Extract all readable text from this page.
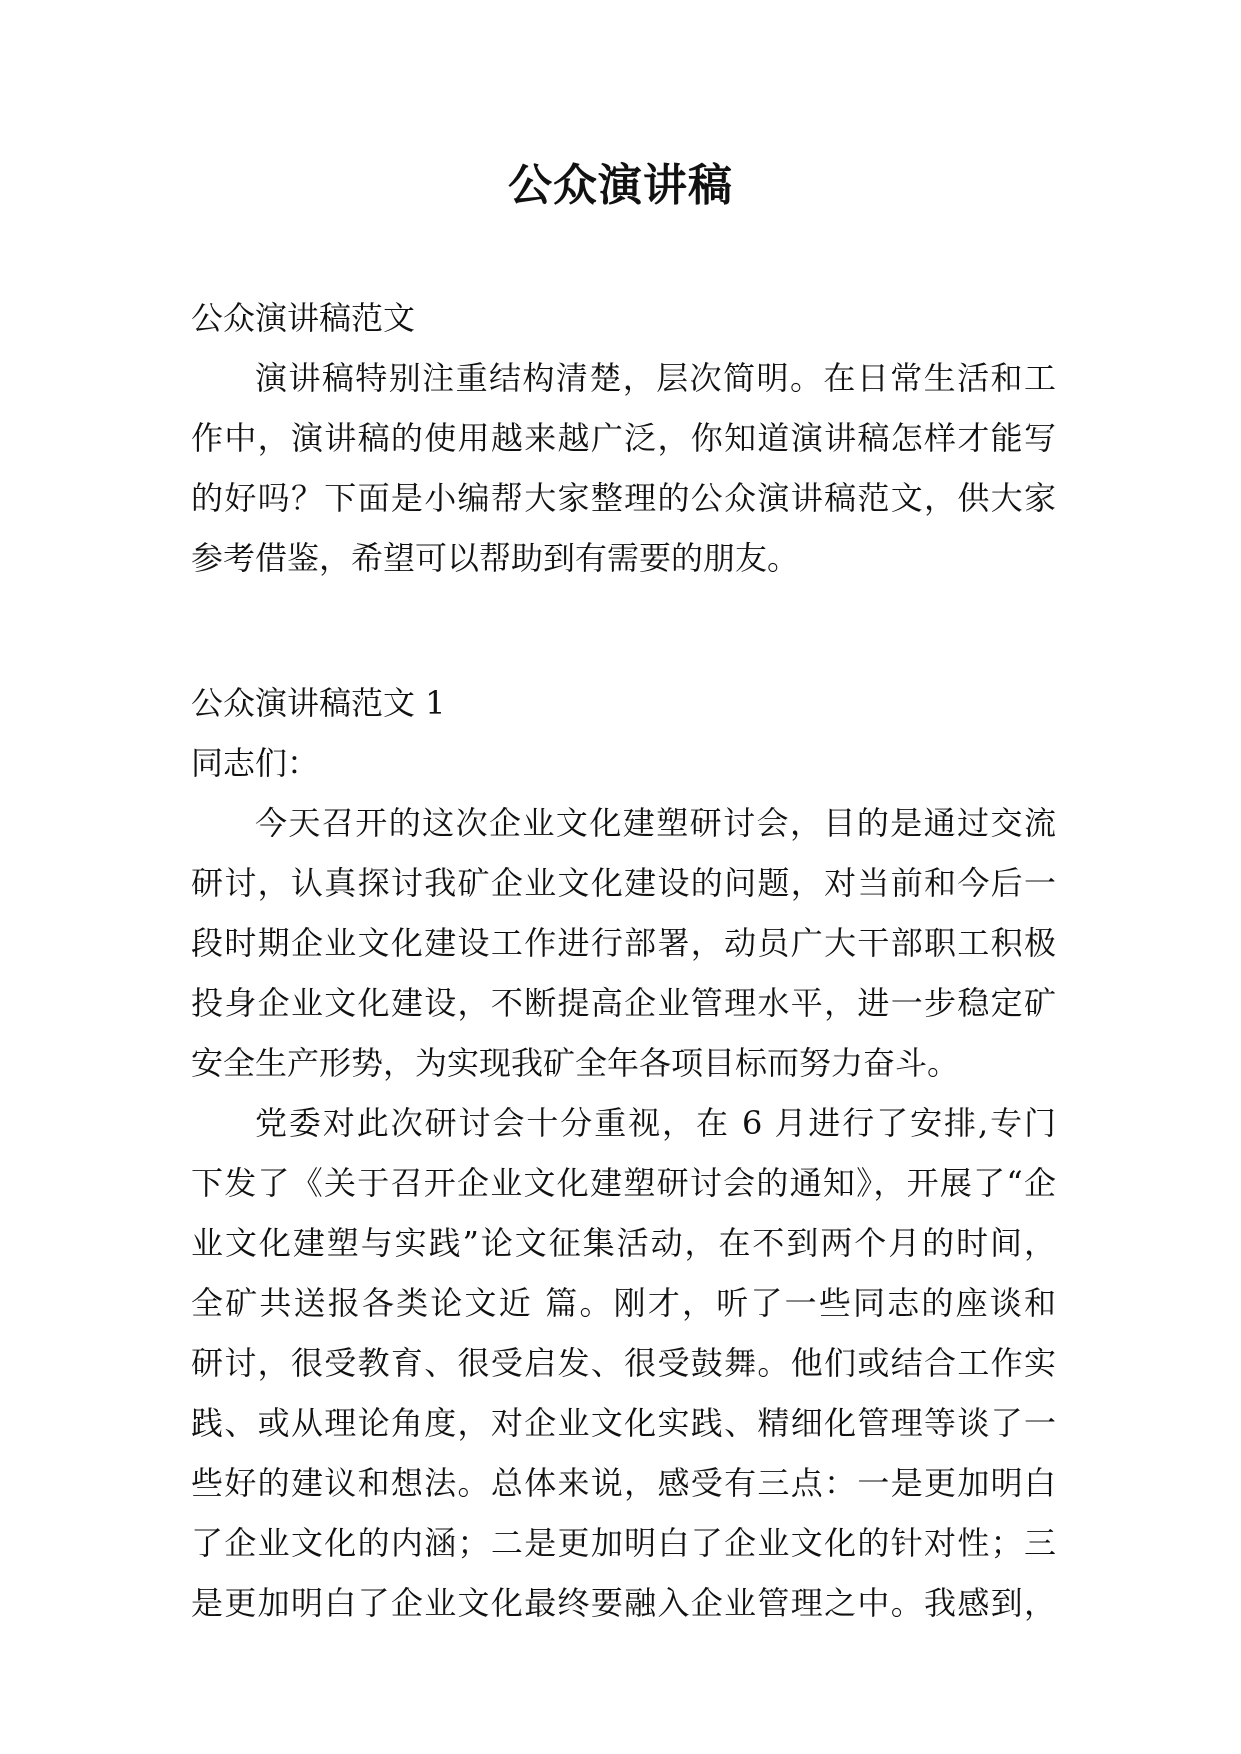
公众演讲稿
公众演讲稿范文
演讲稿特别注重结构清楚，层次简明。在日常生活和工
作中，演讲稿的使用越来越广泛，你知道演讲稿怎样才能写
的好吗？下面是小编帮大家整理的公众演讲稿范文，供大家
参考借鉴，希望可以帮助到有需要的朋友。
公众演讲稿范文 1
同志们：
今天召开的这次企业文化建塑研讨会，目的是通过交流
研讨，认真探讨我矿企业文化建设的问题，对当前和今后一
段时期企业文化建设工作进行部署，动员广大干部职工积极
投身企业文化建设，不断提高企业管理水平，进一步稳定矿
安全生产形势，为实现我矿全年各项目标而努力奋斗。
党委对此次研讨会十分重视，在 6 月进行了安排,专门
下发了《关于召开企业文化建塑研讨会的通知》，开展了“企
业文化建塑与实践”论文征集活动，在不到两个月的时间，
全矿共送报各类论文近 篇。刚才，听了一些同志的座谈和
研讨，很受教育、很受启发、很受鼓舞。他们或结合工作实
践、或从理论角度，对企业文化实践、精细化管理等谈了一
些好的建议和想法。总体来说，感受有三点：一是更加明白
了企业文化的内涵；二是更加明白了企业文化的针对性；三
是更加明白了企业文化最终要融入企业管理之中。我感到，
